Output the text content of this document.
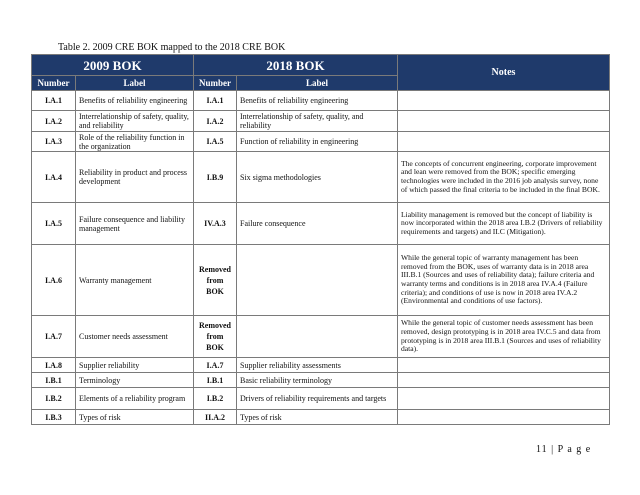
Table 2. 2009 CRE BOK mapped to the 2018 CRE BOK
2009 BOK		2018 BOK		Notes
Number	Label	Number	Label	
I.A.1	Benefits of reliability engineering	I.A.1	Benefits of reliability engineering	
I.A.2	Interrelationship of safety, quality, and reliability	I.A.2	Interrelationship of safety, quality, and reliability	
I.A.3	Role of the reliability function in the organization	I.A.5	Function of reliability in engineering	
I.A.4	Reliability in product and process development	I.B.9	Six sigma methodologies	The concepts of concurrent engineering, corporate improvement and lean were removed from the BOK; specific emerging technologies were included in the 2016 job analysis survey, none of which passed the final criteria to be included in the final BOK.
I.A.5	Failure consequence and liability management	IV.A.3	Failure consequence	Liability management is removed but the concept of liability is now incorporated within the 2018 area I.B.2 (Drivers of reliability requirements and targets) and II.C (Mitigation).
I.A.6	Warranty management	Removed from BOK		While the general topic of warranty management has been removed from the BOK, uses of warranty data is in 2018 area III.B.1 (Sources and uses of reliability data); failure criteria and warranty terms and conditions is in 2018 area IV.A.4 (Failure criteria); and conditions of use is now in 2018 area IV.A.2 (Environmental and conditions of use factors).
I.A.7	Customer needs assessment	Removed from BOK		While the general topic of customer needs assessment has been removed, design prototyping is in 2018 area IV.C.5 and data from prototyping is in 2018 area III.B.1 (Sources and uses of reliability data).
I.A.8	Supplier reliability	I.A.7	Supplier reliability assessments	
I.B.1	Terminology	I.B.1	Basic reliability terminology	
I.B.2	Elements of a reliability program	I.B.2	Drivers of reliability requirements and targets	
I.B.3	Types of risk	II.A.2	Types of risk	
11 | P a g e
